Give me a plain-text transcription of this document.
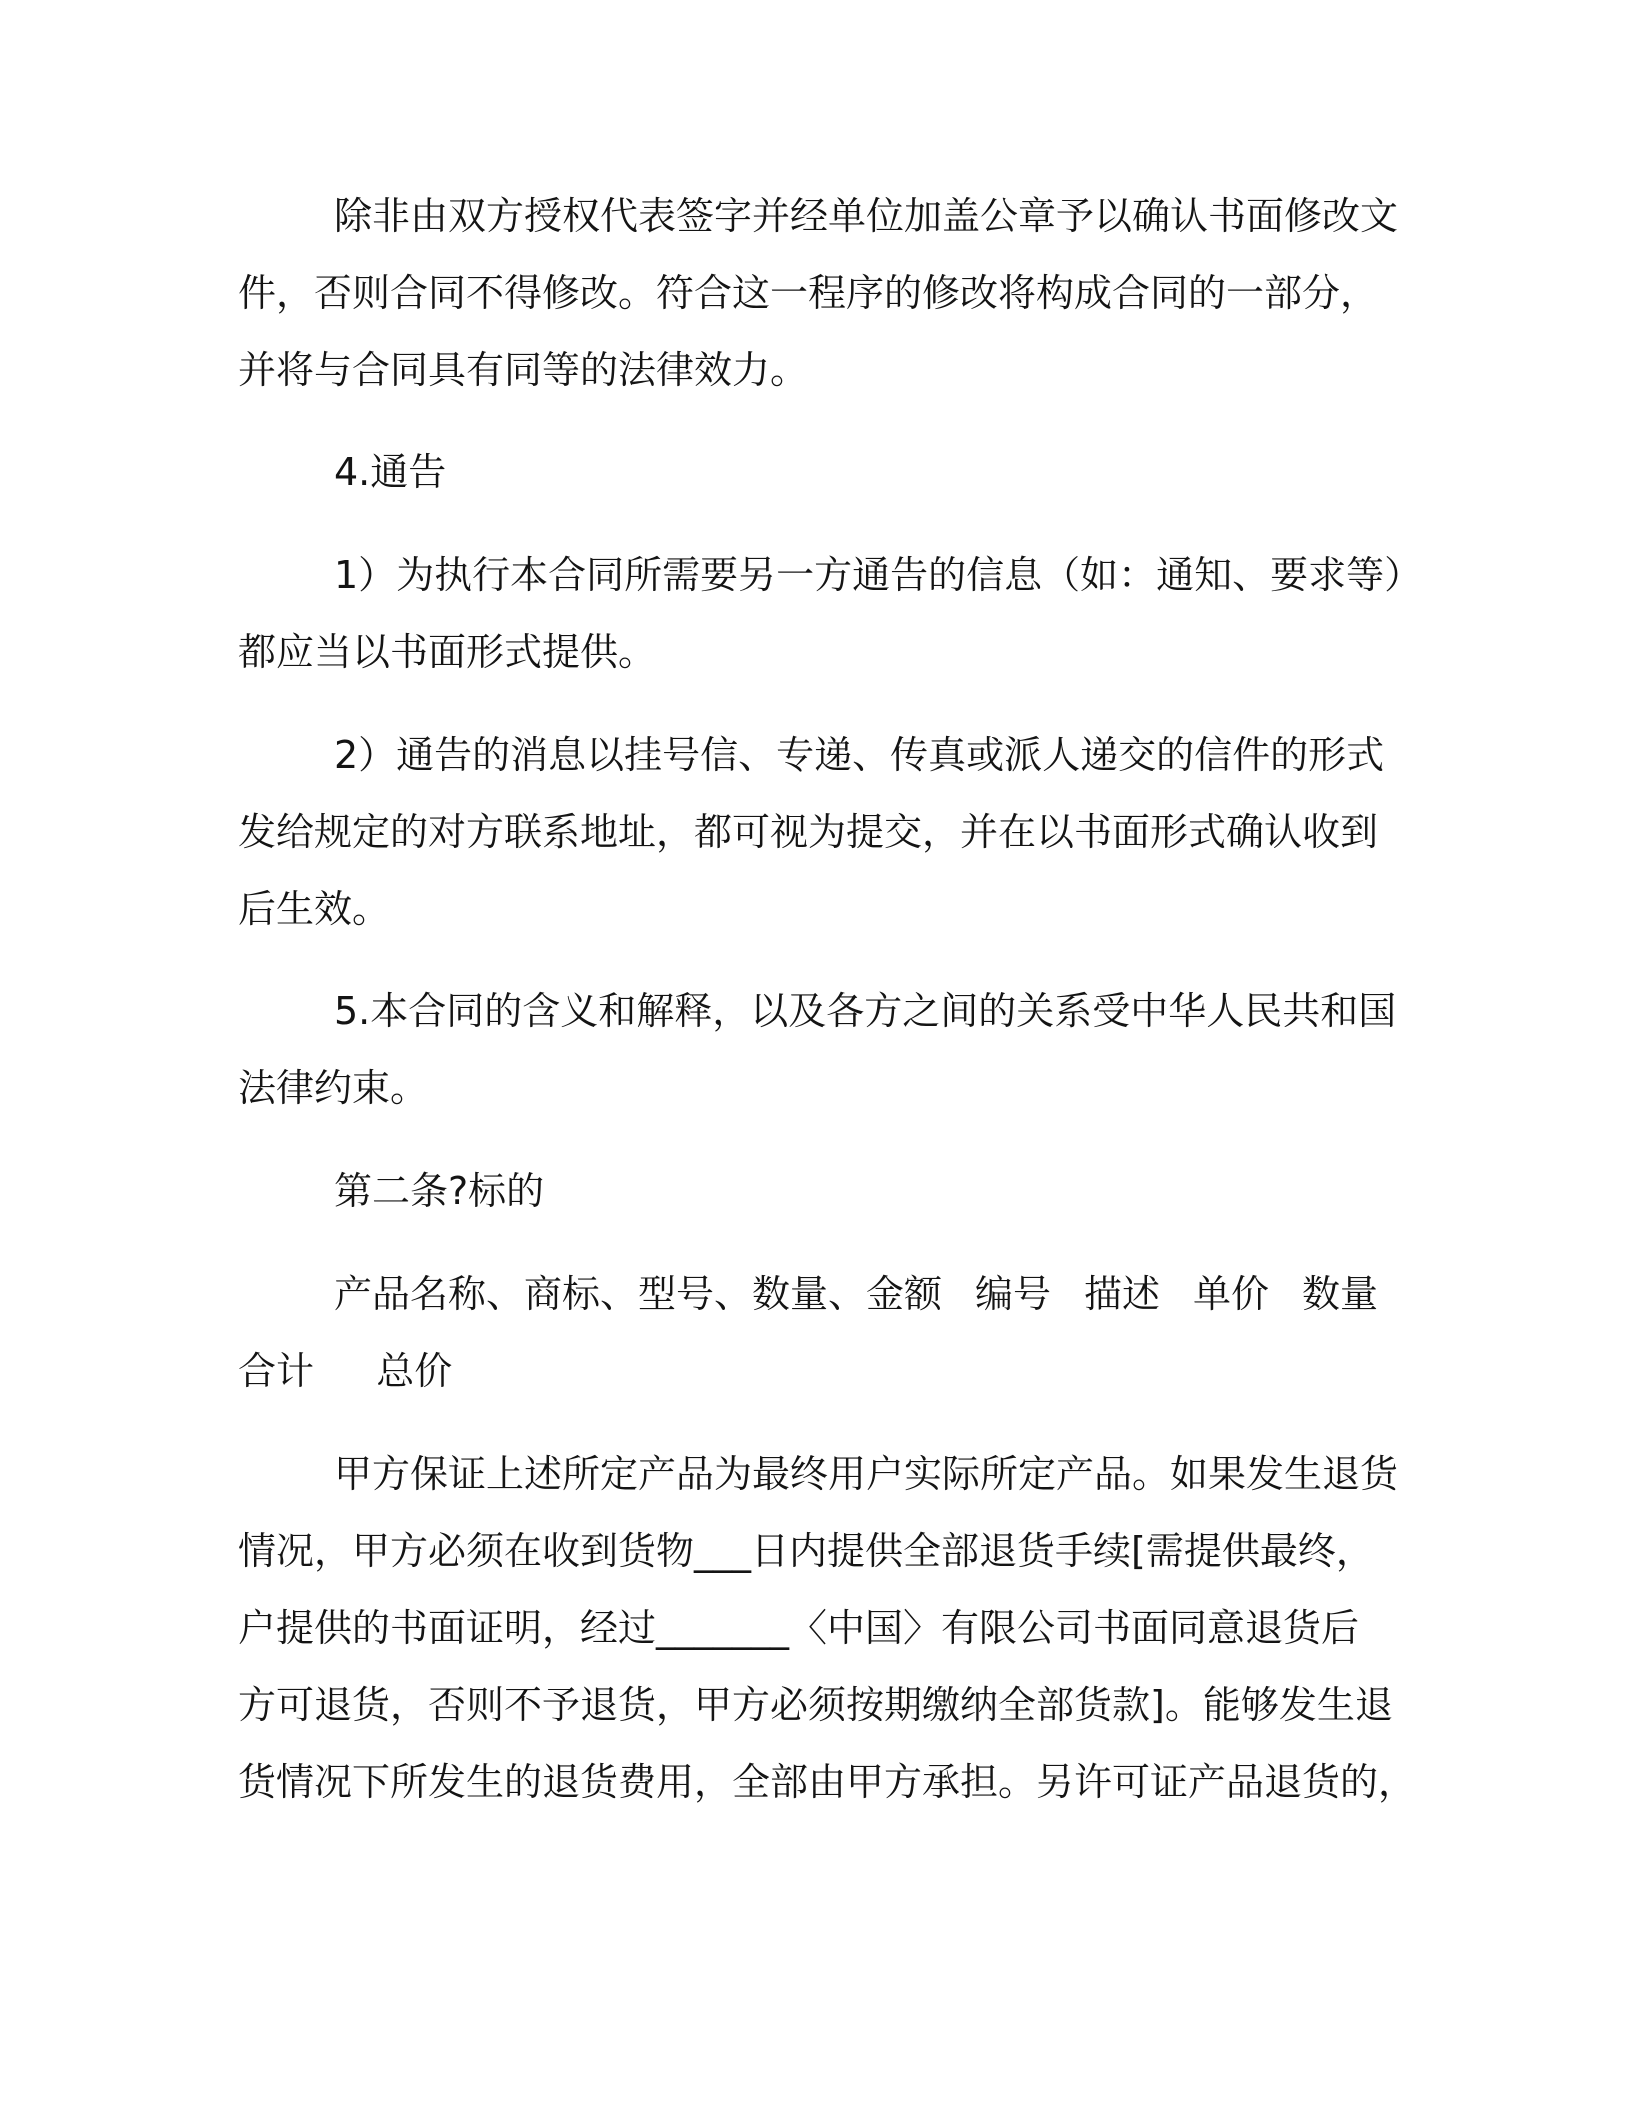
除非由双方授权代表签字并经单位加盖公章予以确认书面修改文
件，否则合同不得修改。符合这一程序的修改将构成合同的一部分，
并将与合同具有同等的法律效力。
4.通告
1）为执行本合同所需要另一方通告的信息（如：通知、要求等）
都应当以书面形式提供。
2）通告的消息以挂号信、专递、传真或派人递交的信件的形式
发给规定的对方联系地址，都可视为提交，并在以书面形式确认收到
后生效。
5.本合同的含义和解释，以及各方之间的关系受中华人民共和国
法律约束。
第二条?标的
产品名称、商标、型号、数量、金额 编号 描述 单价 数量
合计 总价
甲方保证上述所定产品为最终用户实际所定产品。如果发生退货
情况，甲方必须在收到货物___日内提供全部退货手续[需提供最终，
户提供的书面证明，经过_______〈中国〉有限公司书面同意退货后
方可退货，否则不予退货，甲方必须按期缴纳全部货款]。能够发生退
货情况下所发生的退货费用，全部由甲方承担。另许可证产品退货的，
